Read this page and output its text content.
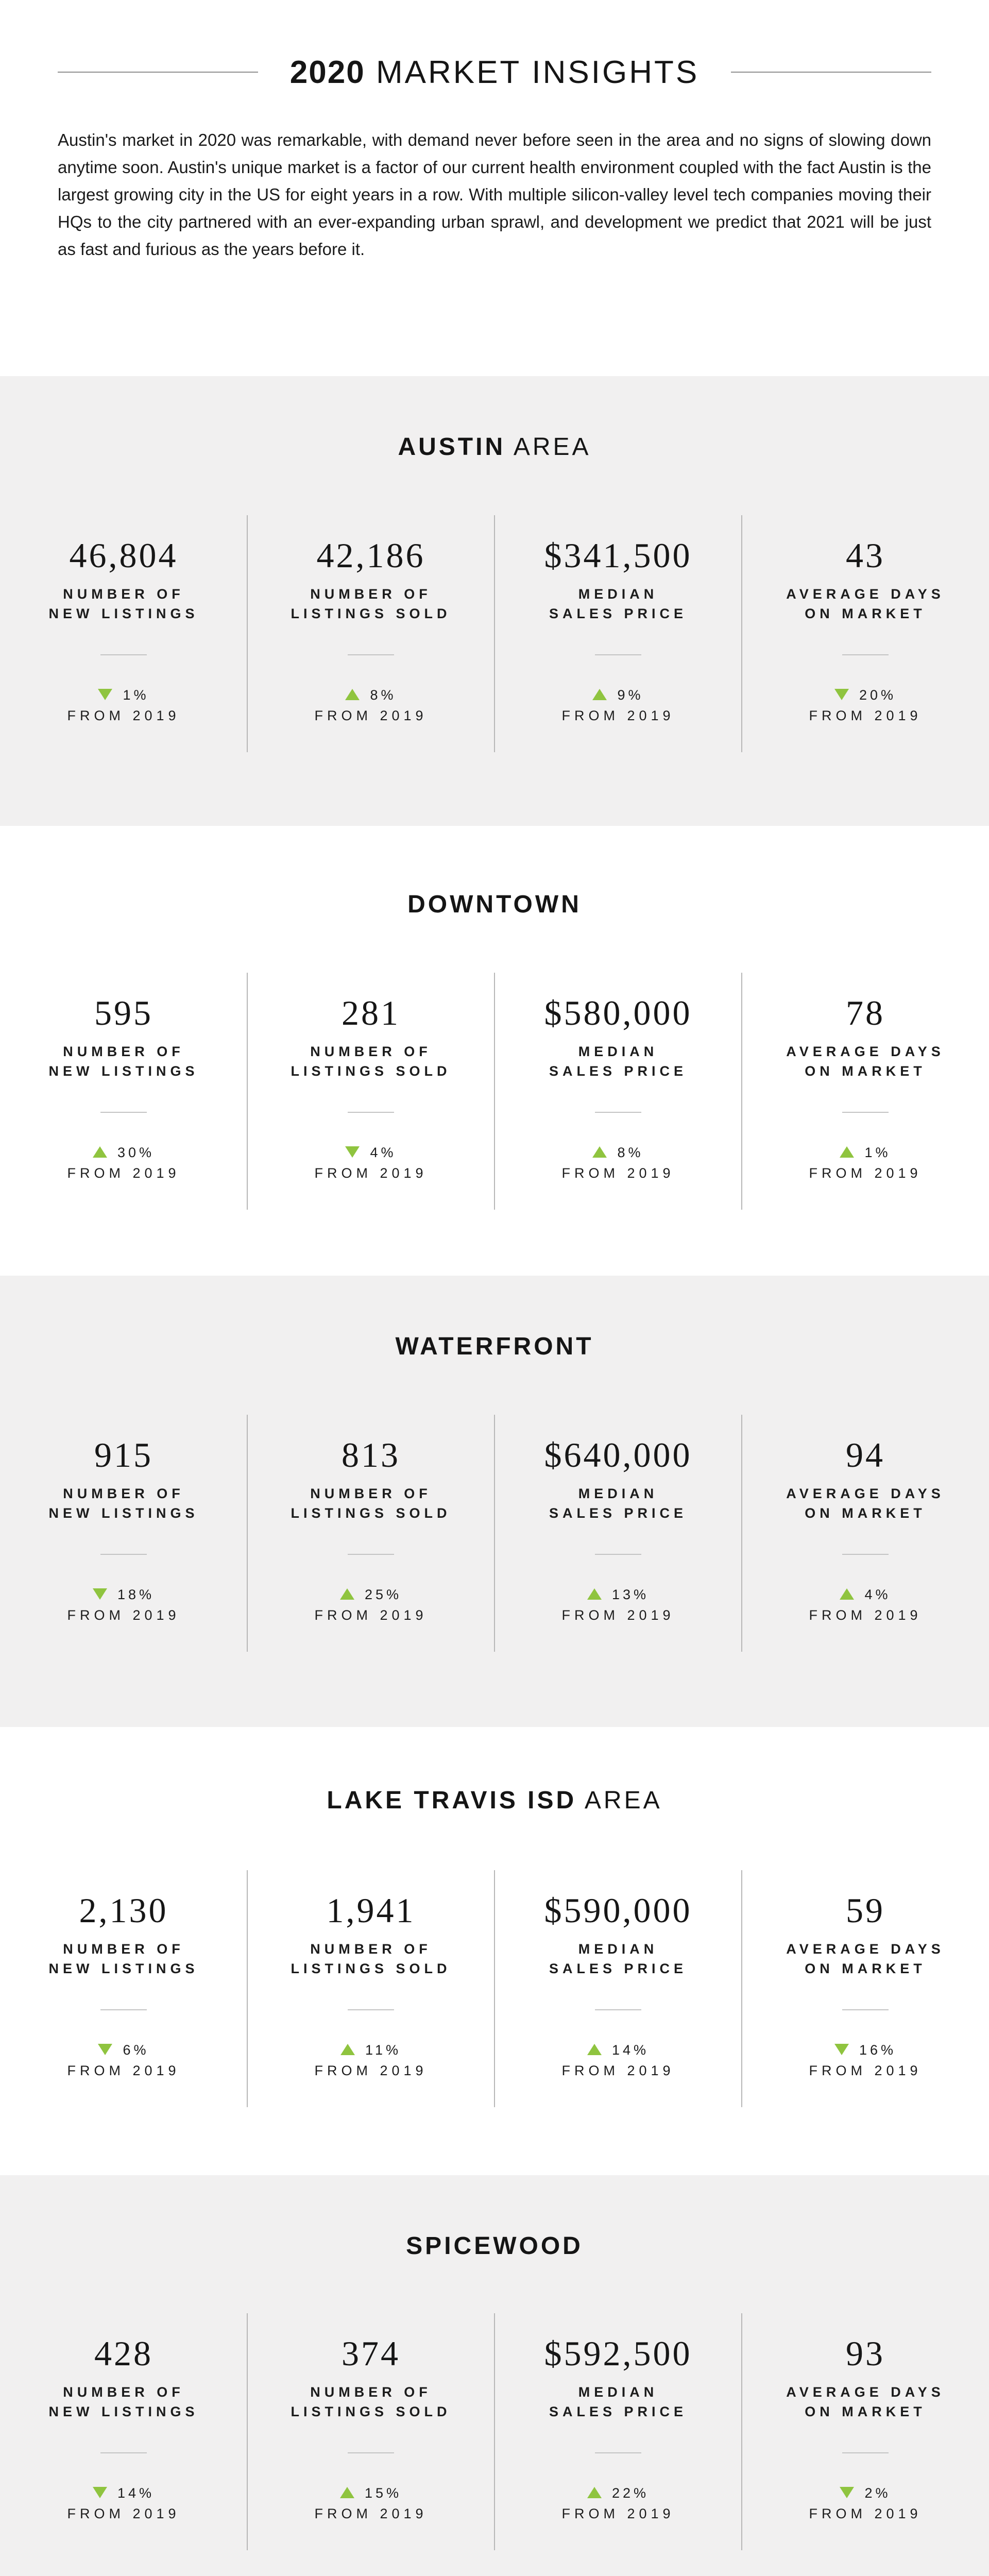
2020 MARKET INSIGHTS

Austin's market in 2020 was remarkable, with demand never before seen in the area and no signs of slowing down anytime soon. Austin's unique market is a factor of our current health environment coupled with the fact Austin is the largest growing city in the US for eight years in a row. With multiple silicon-valley level tech companies moving their HQs to the city partnered with an ever-expanding urban sprawl, and development we predict that 2021 will be just as fast and furious as the years before it.

AUSTIN AREA
46,804
NUMBER OF
NEW LISTINGS
1%
FROM 2019
42,186
NUMBER OF
LISTINGS SOLD
8%
FROM 2019
$341,500
MEDIAN
SALES PRICE
9%
FROM 2019
43
AVERAGE DAYS
ON MARKET
20%
FROM 2019
DOWNTOWN
595
NUMBER OF
NEW LISTINGS
30%
FROM 2019
281
NUMBER OF
LISTINGS SOLD
4%
FROM 2019
$580,000
MEDIAN
SALES PRICE
8%
FROM 2019
78
AVERAGE DAYS
ON MARKET
1%
FROM 2019
WATERFRONT
915
NUMBER OF
NEW LISTINGS
18%
FROM 2019
813
NUMBER OF
LISTINGS SOLD
25%
FROM 2019
$640,000
MEDIAN
SALES PRICE
13%
FROM 2019
94
AVERAGE DAYS
ON MARKET
4%
FROM 2019
LAKE TRAVIS ISD AREA
2,130
NUMBER OF
NEW LISTINGS
6%
FROM 2019
1,941
NUMBER OF
LISTINGS SOLD
11%
FROM 2019
$590,000
MEDIAN
SALES PRICE
14%
FROM 2019
59
AVERAGE DAYS
ON MARKET
16%
FROM 2019
SPICEWOOD
428
NUMBER OF
NEW LISTINGS
14%
FROM 2019
374
NUMBER OF
LISTINGS SOLD
15%
FROM 2019
$592,500
MEDIAN
SALES PRICE
22%
FROM 2019
93
AVERAGE DAYS
ON MARKET
2%
FROM 2019
